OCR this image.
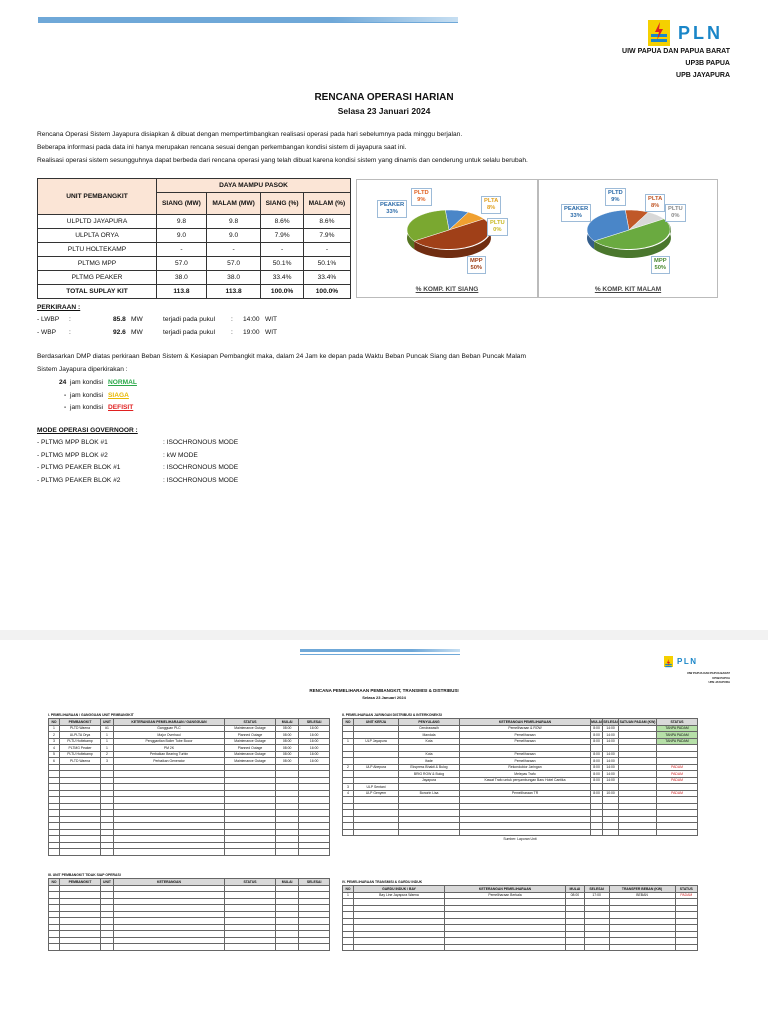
PLN
UIW PAPUA DAN PAPUA BARAT
UP3B PAPUA
UPB JAYAPURA
RENCANA OPERASI HARIAN
Selasa 23 Januari 2024
Rencana Operasi Sistem Jayapura disiapkan & dibuat dengan mempertimbangkan realisasi operasi pada hari sebelumnya pada minggu berjalan.
Beberapa informasi pada data ini hanya merupakan rencana sesuai dengan perkembangan kondisi sistem di jayapura saat ini.
Realisasi operasi sistem sesungguhnya dapat berbeda dari rencana operasi yang telah dibuat karena kondisi sistem yang dinamis dan cenderung untuk selalu berubah.
UNIT PEMBANGKIT	DAYA MAMPU PASOK			
	SIANG (MW)	MALAM (MW)	SIANG (%)	MALAM (%)
ULPLTD JAYAPURA	9.8	9.8	8.6%	8.6%
ULPLTA ORYA	9.0	9.0	7.9%	7.9%
PLTU HOLTEKAMP	-	-	-	-
PLTMG MPP	57.0	57.0	50.1%	50.1%
PLTMG PEAKER	38.0	38.0	33.4%	33.4%
TOTAL SUPLAY KIT	113.8	113.8	100.0%	100.0%
PEAKER
33%
PLTD
9%	PLTA
8%
PLTU
0%
MPP
50%
% KOMP. KIT SIANG
PEAKER
33%
PLTD
9%	PLTA
8%	PLTU
0%
MPP
50%
% KOMP. KIT MALAM
PERKIRAAN :
- LWBP :	85.8 MW	terjadi pada pukul : 14:00 WIT
- WBP :	92.6 MW	terjadi pada pukul : 19:00 WIT
Berdasarkan DMP diatas perkiraan Beban Sistem & Kesiapan Pembangkit maka, dalam 24 Jam ke depan pada Waktu Beban Puncak Siang dan Beban Puncak Malam
Sistem Jayapura diperkirakan :
24 jam kondisi NORMAL
- jam kondisi SIAGA
- jam kondisi DEFISIT
MODE OPERASI GOVERNOOR :
- PLTMG MPP BLOK #1	: ISOCHRONOUS MODE
- PLTMG MPP BLOK #2	: kW MODE
- PLTMG PEAKER BLOK #1	: ISOCHRONOUS MODE
- PLTMG PEAKER BLOK #2	: ISOCHRONOUS MODE
PLN
UIW PAPUA DAN PAPUA BARAT
UP3B PAPUA
UPB JAYAPURA
RENCANA PEMELIHARAAN PEMBANGKIT, TRANSMISI & DISTRIBUSI
Selasa 23 Januari 2024
I. PEMELIHARAAN / GANGGUAN UNIT PEMBANGKIT
NO	PEMBANGKIT	UNIT	KETERANGAN PEMELIHARAAN / GANGGUAN	STATUS	MULAI	SELESAI
1	PLTD Waena	#1	Gangguan PLC	Maintenance Outage	08:00	16:00
2	ULPLTA Orya	1	Major Overhaul	Planned Outage	08:00	16:00
3	PLTU Holtekamp	1	Penggantian Boiler Tube Bocor	Maintenance Outage	08:00	16:00
4	PLTMG Peaker	1	PM 2K	Planned Outage	08:00	16:00
5	PLTU Holtekamp	2	Perbaikan Bearing Turbin	Maintenance Outage	08:00	16:00
6	PLTD Waena	3	Perbaikan Generator	Maintenance Outage	08:00	16:00

II. PEMELIHARAAN JARINGAN DISTRIBUSI & INTERKONEKSI
NO	UNIT KERJA	PENYULANG	KETERANGAN PEMELIHARAAN	MULAI	SELESAI	SATUAN PADAM (KW)	STATUS
		Cendrawasih	Pemeliharaan & ROW	8:00	14:00		TANPA PADAM
		Mandala	Pemeliharaan	8:00	14:00		TANPA PADAM
1	ULP Jayapura	Kota	Pemeliharaan	8:00	14:00		TANPA PADAM

		Kota	Pemeliharaan	8:00	14:00		
		Ifade	Pemeliharaan	8:00	14:00		
2	ULP Abepura	Ekspress Bhakti & Bulog	Rekonduktor Jaringan	8:00	14:00		PADAM
		BRIG ROW & Bulog	Melepas Trafo	8:00	14:00		PADAM
		Jayapura	Kawat Trafo untuk penyambungan Baru Hotel Cantika	8:00	14:00		PADAM
3	ULP Sentani						
4	ULP Genyem	Bonorin Lisa	Pemeliharaan TR	8:00	10:00		PADAM

Sumber: Laporan Unit
III. UNIT PEMBANGKIT TIDAK SIAP OPERASI
NO	PEMBANGKIT	UNIT	KETERANGAN	STATUS	MULAI	SELESAI

							IV. PEMELIHARAAN TRANSMISI & GARDU INDUK
NO	GARDU INDUK / BAY	KETERANGAN PEMELIHARAAN	MULAI	SELESAI	TRANSFER BEBAN (KW)	STATUS
1	Bay Line Jayapura Waena	Pemeliharaan Berkala	08:00	17:00	BEBAN	PADAM
